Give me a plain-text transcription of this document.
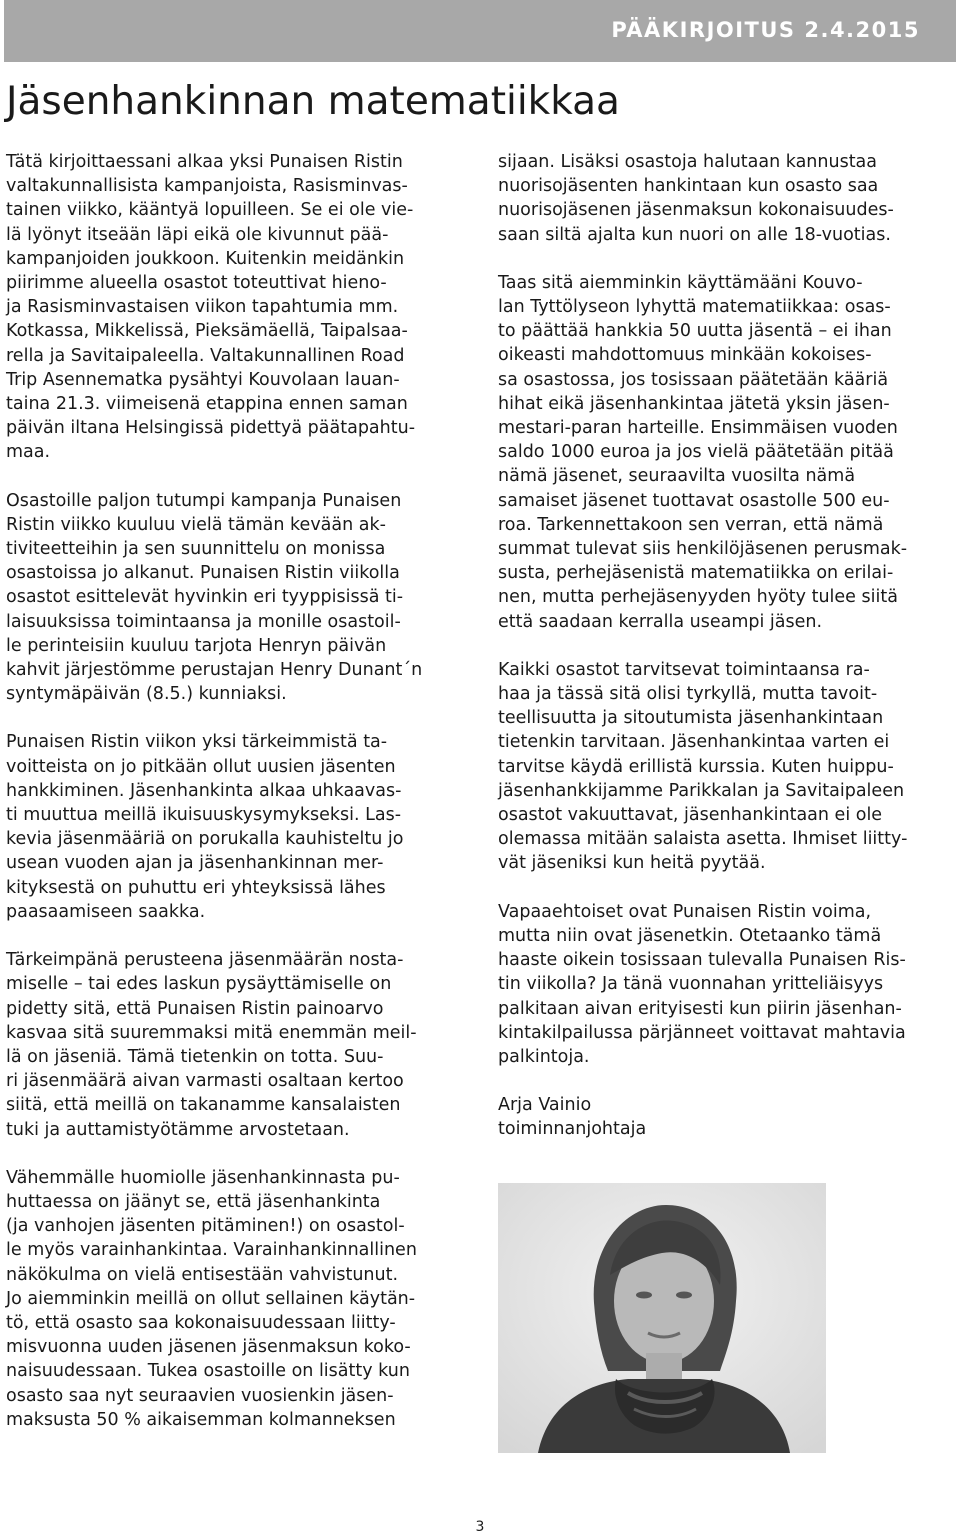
PÄÄKIRJOITUS 2.4.2015
Jäsenhankinnan matematiikkaa

Tätä kirjoittaessani alkaa yksi Punaisen Ristin
valtakunnallisista kampanjoista, Rasisminvas-
tainen viikko, kääntyä lopuilleen. Se ei ole vie-
lä lyönyt itseään läpi eikä ole kivunnut pää-
kampanjoiden joukkoon. Kuitenkin meidänkin
piirimme alueella osastot toteuttivat hieno-
ja Rasisminvastaisen viikon tapahtumia mm.
Kotkassa, Mikkelissä, Pieksämäellä, Taipalsaa-
rella ja Savitaipaleella. Valtakunnallinen Road
Trip Asennematka pysähtyi Kouvolaan lauan-
taina 21.3. viimeisenä etappina ennen saman
päivän iltana Helsingissä pidettyä päätapahtu-
maa.

Osastoille paljon tutumpi kampanja Punaisen
Ristin viikko kuuluu vielä tämän kevään ak-
tiviteetteihin ja sen suunnittelu on monissa
osastoissa jo alkanut. Punaisen Ristin viikolla
osastot esittelevät hyvinkin eri tyyppisissä ti-
laisuuksissa toimintaansa ja monille osastoil-
le perinteisiin kuuluu tarjota Henryn päivän
kahvit järjestömme perustajan Henry Dunant´n
syntymäpäivän (8.5.) kunniaksi.

Punaisen Ristin viikon yksi tärkeimmistä ta-
voitteista on jo pitkään ollut uusien jäsenten
hankkiminen. Jäsenhankinta alkaa uhkaavas-
ti muuttua meillä ikuisuuskysymykseksi. Las-
kevia jäsenmääriä on porukalla kauhisteltu jo
usean vuoden ajan ja jäsenhankinnan mer-
kityksestä on puhuttu eri yhteyksissä lähes
paasaamiseen saakka.

Tärkeimpänä perusteena jäsenmäärän nosta-
miselle – tai edes laskun pysäyttämiselle on
pidetty sitä, että Punaisen Ristin painoarvo
kasvaa sitä suuremmaksi mitä enemmän meil-
lä on jäseniä. Tämä tietenkin on totta. Suu-
ri jäsenmäärä aivan varmasti osaltaan kertoo
siitä, että meillä on takanamme kansalaisten
tuki ja auttamistyötämme arvostetaan.

Vähemmälle huomiolle jäsenhankinnasta pu-
huttaessa on jäänyt se, että jäsenhankinta
(ja vanhojen jäsenten pitäminen!) on osastol-
le myös varainhankintaa. Varainhankinnallinen
näkökulma on vielä entisestään vahvistunut.
Jo aiemminkin meillä on ollut sellainen käytän-
tö, että osasto saa kokonaisuudessaan liitty-
misvuonna uuden jäsenen jäsenmaksun koko-
naisuudessaan. Tukea osastoille on lisätty kun
osasto saa nyt seuraavien vuosienkin jäsen-
maksusta 50 % aikaisemman kolmanneksen

sijaan. Lisäksi osastoja halutaan kannustaa
nuorisojäsenten hankintaan kun osasto saa
nuorisojäsenen jäsenmaksun kokonaisuudes-
saan siltä ajalta kun nuori on alle 18-vuotias.

Taas sitä aiemminkin käyttämääni Kouvo-
lan Tyttölyseon lyhyttä matematiikkaa: osas-
to päättää hankkia 50 uutta jäsentä – ei ihan
oikeasti mahdottomuus minkään kokoises-
sa osastossa, jos tosissaan päätetään kääriä
hihat eikä jäsenhankintaa jätetä yksin jäsen-
mestari-paran harteille. Ensimmäisen vuoden
saldo 1000 euroa ja jos vielä päätetään pitää
nämä jäsenet, seuraavilta vuosilta nämä
samaiset jäsenet tuottavat osastolle 500 eu-
roa. Tarkennettakoon sen verran, että nämä
summat tulevat siis henkilöjäsenen perusmak-
susta, perhejäsenistä matematiikka on erilai-
nen, mutta perhejäsenyyden hyöty tulee siitä
että saadaan kerralla useampi jäsen.

Kaikki osastot tarvitsevat toimintaansa ra-
haa ja tässä sitä olisi tyrkyllä, mutta tavoit-
teellisuutta ja sitoutumista jäsenhankintaan
tietenkin tarvitaan. Jäsenhankintaa varten ei
tarvitse käydä erillistä kurssia. Kuten huippu-
jäsenhankkijamme Parikkalan ja Savitaipaleen
osastot vakuuttavat, jäsenhankintaan ei ole
olemassa mitään salaista asetta. Ihmiset liitty-
vät jäseniksi kun heitä pyytää.

Vapaaehtoiset ovat Punaisen Ristin voima,
mutta niin ovat jäsenetkin. Otetaanko tämä
haaste oikein tosissaan tulevalla Punaisen Ris-
tin viikolla? Ja tänä vuonnahan yritteliäisyys
palkitaan aivan erityisesti kun piirin jäsenhan-
kintakilpailussa pärjänneet voittavat mahtavia
palkintoja.

Arja Vainio
toiminnanjohtaja

3
